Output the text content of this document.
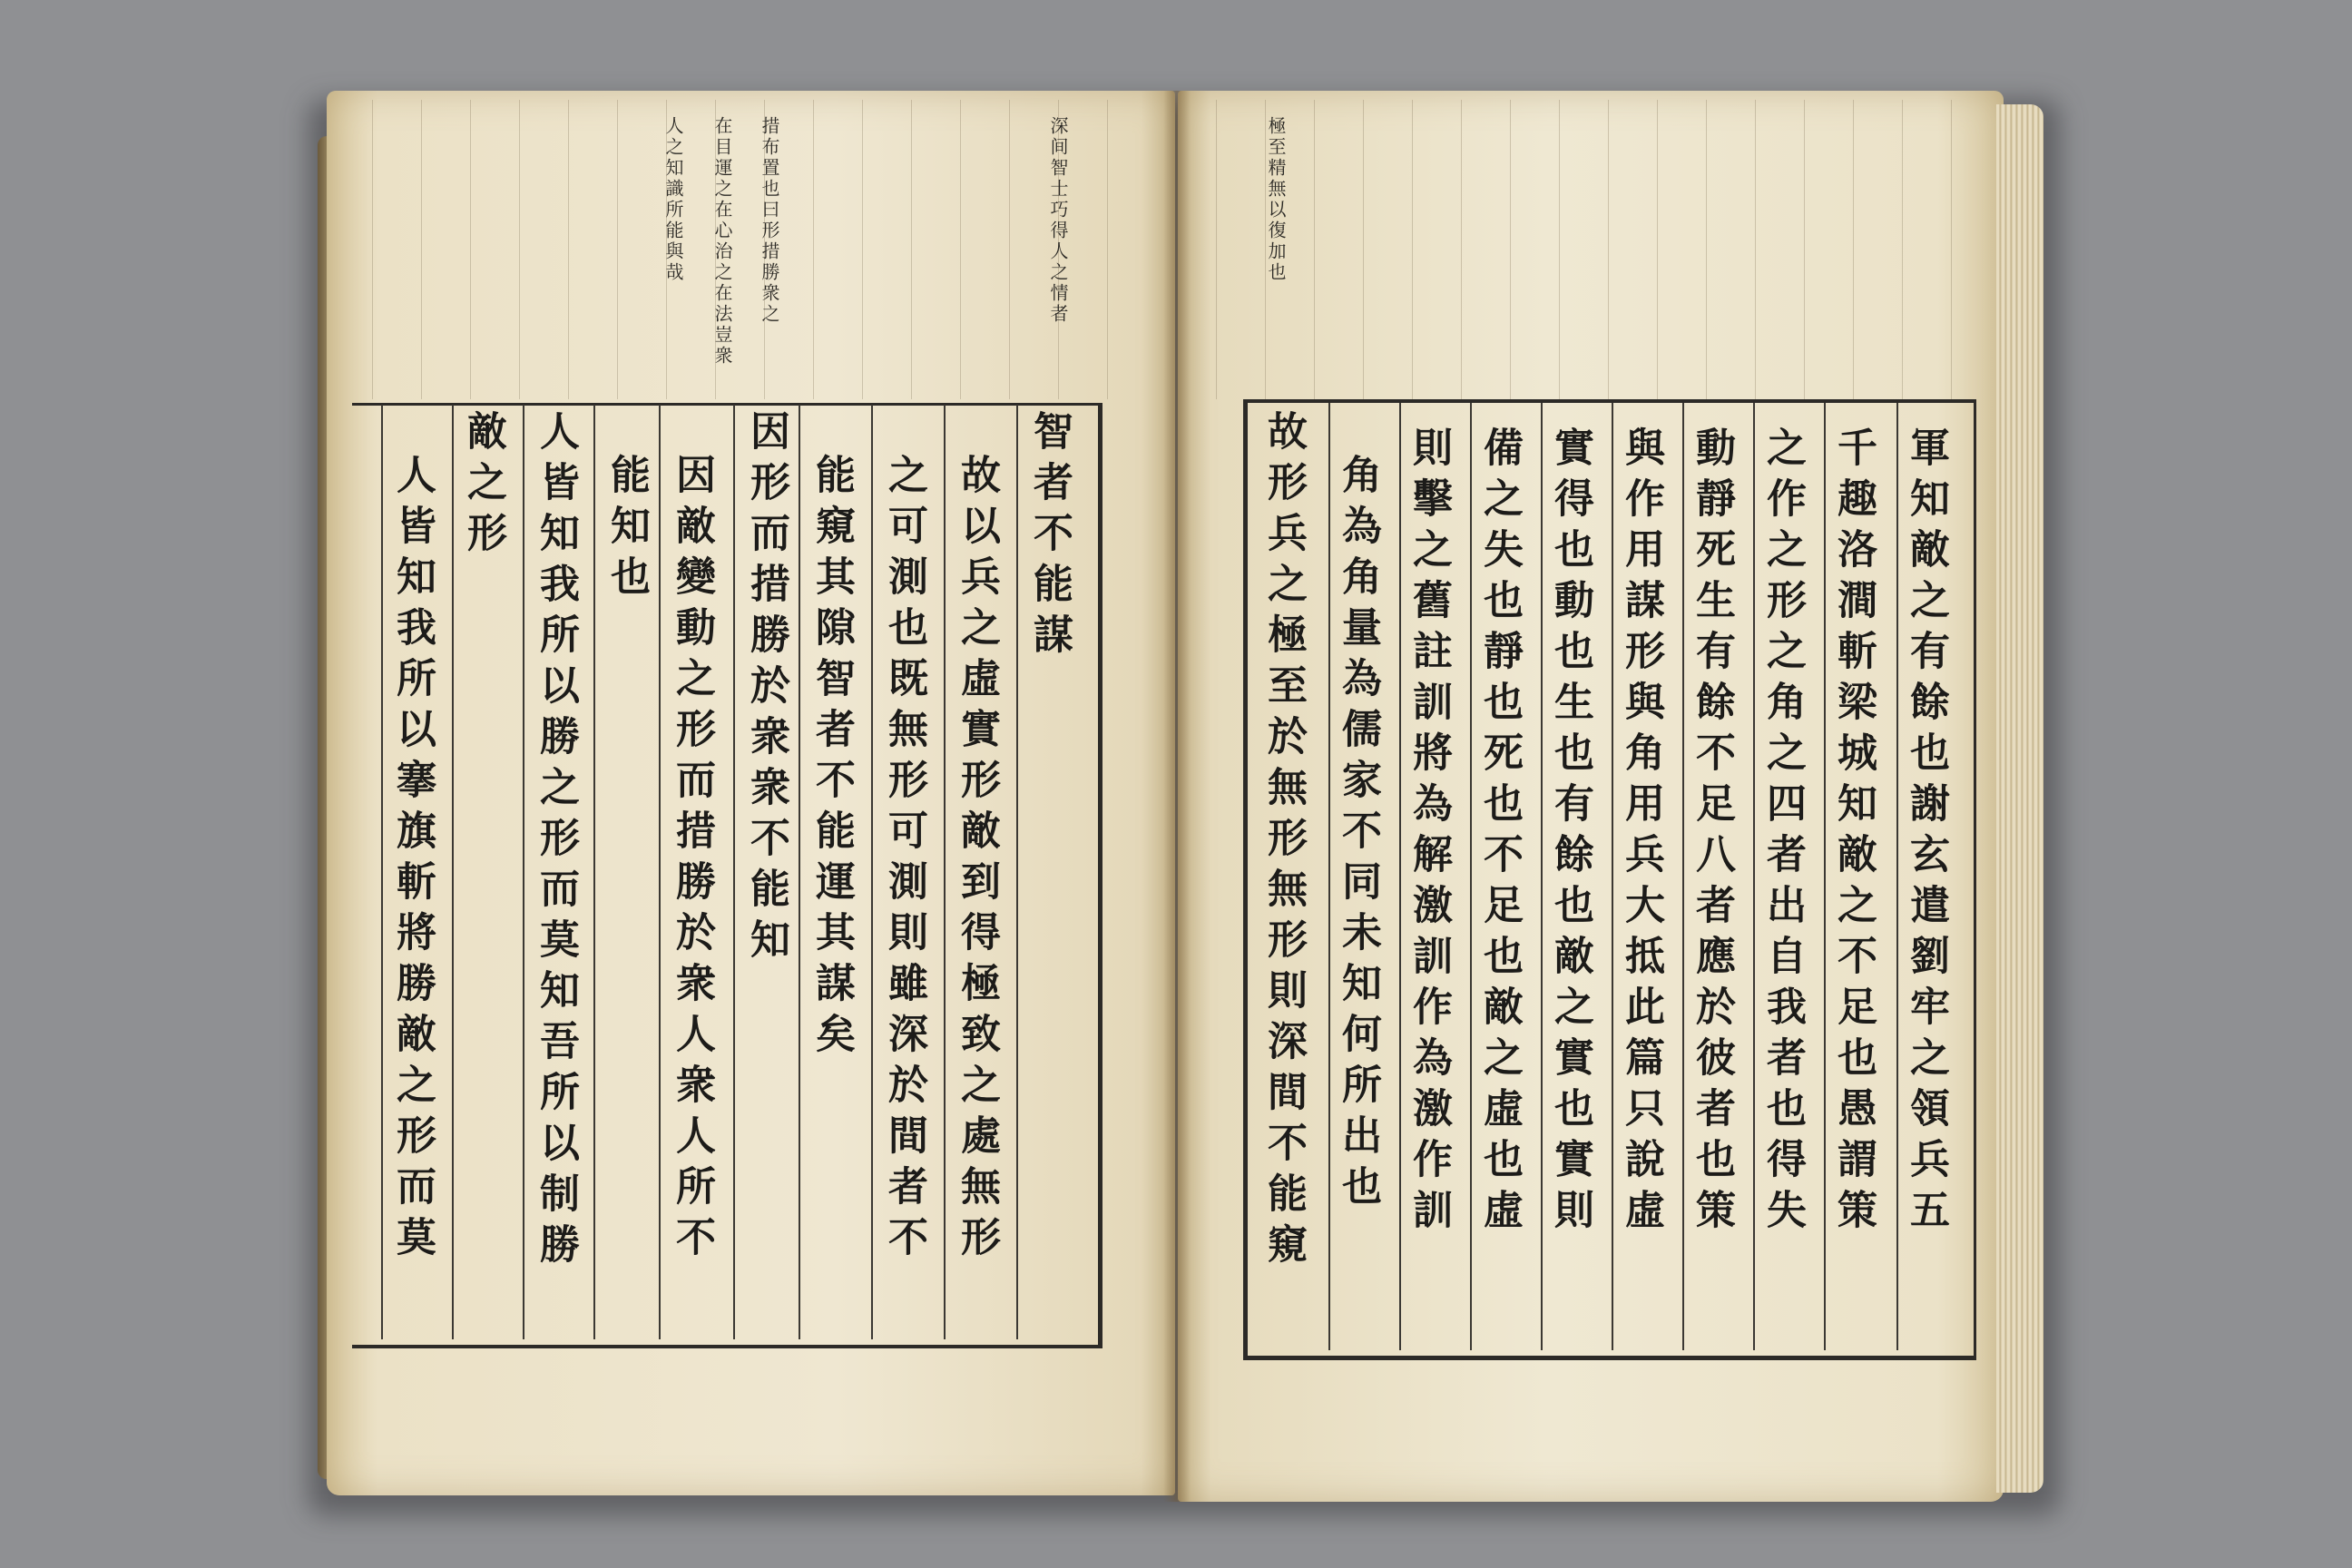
深间智士巧得人之情者
措布置也曰形措勝衆之
在目運之在心治之在法豈衆
人之知識所能與哉	極至精無以復加也
智者不能謀
故以兵之虛實形敵到得極致之處無形
之可測也既無形可測則雖深於間者不
能窺其隙智者不能運其謀矣
因形而措勝於衆衆不能知
因敵變動之形而措勝於衆人衆人所不
能知也
人皆知我所以勝之形而莫知吾所以制勝
敵之形
人皆知我所以搴旗斬將勝敵之形而莫	軍知敵之有餘也謝玄遣劉牢之領兵五
千趣洛澗斬梁城知敵之不足也愚謂策
之作之形之角之四者出自我者也得失
動靜死生有餘不足八者應於彼者也策
與作用謀形與角用兵大抵此篇只說虛
實得也動也生也有餘也敵之實也實則
備之失也靜也死也不足也敵之虛也虛
則擊之舊註訓將為解激訓作為激作訓
角為角量為儒家不同未知何所出也
故形兵之極至於無形無形則深間不能窺
